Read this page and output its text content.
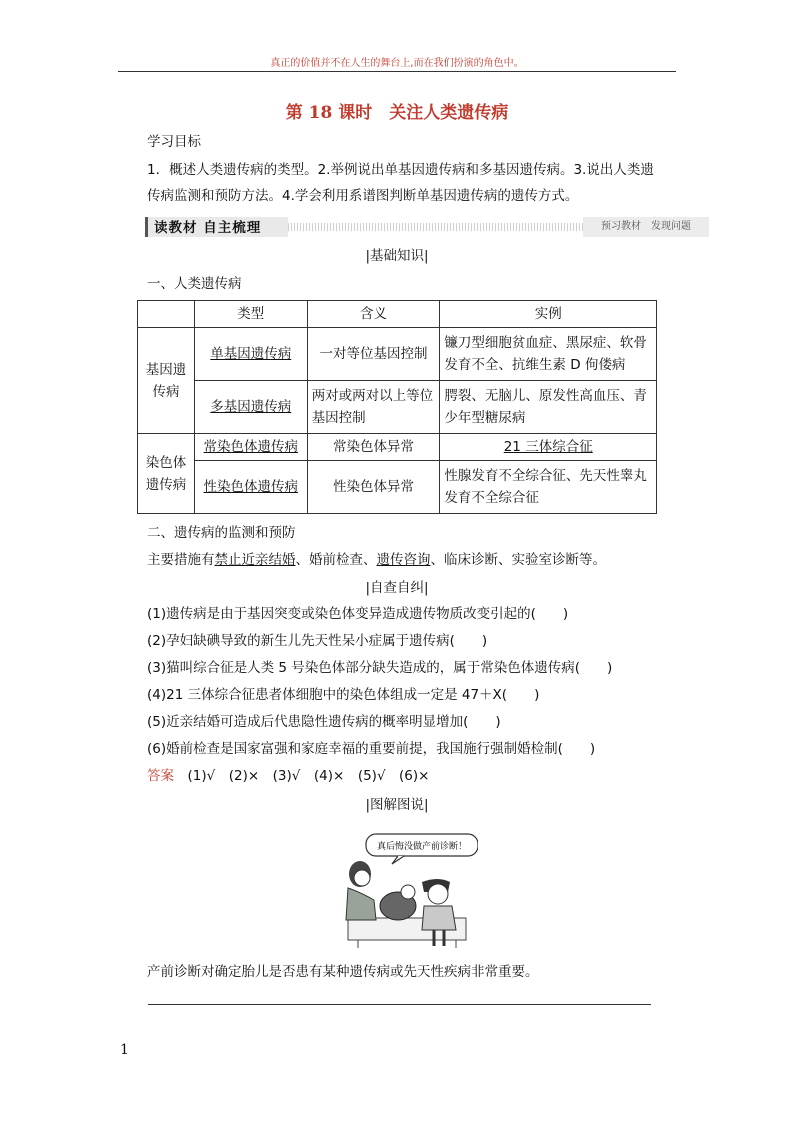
真正的价值并不在人生的舞台上,而在我们扮演的角色中。
第 18 课时　关注人类遗传病
学习目标
1．概述人类遗传病的类型。2.举例说出单基因遗传病和多基因遗传病。3.说出人类遗
传病监测和预防方法。4.学会利用系谱图判断单基因遗传病的遗传方式。
读教材 自主梳理	预习教材　发现问题
|基础知识|
一、人类遗传病
	类型	含义	实例
基因遗传病	单基因遗传病	一对等位基因控制	镰刀型细胞贫血症、黑尿症、软骨发育不全、抗维生素 D 佝偻病
	多基因遗传病	两对或两对以上等位基因控制	腭裂、无脑儿、原发性高血压、青少年型糖尿病
染色体遗传病	常染色体遗传病	常染色体异常	21 三体综合征
	性染色体遗传病	性染色体异常	性腺发育不全综合征、先天性睾丸发育不全综合征
二、遗传病的监测和预防
主要措施有禁止近亲结婚、婚前检查、遗传咨询、临床诊断、实验室诊断等。
|自查自纠|
(1)遗传病是由于基因突变或染色体变异造成遗传物质改变引起的(　　)
(2)孕妇缺碘导致的新生儿先天性呆小症属于遗传病(　　)
(3)猫叫综合征是人类 5 号染色体部分缺失造成的，属于常染色体遗传病(　　)
(4)21 三体综合征患者体细胞中的染色体组成一定是 47＋X(　　)
(5)近亲结婚可造成后代患隐性遗传病的概率明显增加(　　)
(6)婚前检查是国家富强和家庭幸福的重要前提，我国施行强制婚检制(　　)
答案　 (1)√　(2)×　(3)√　(4)×　(5)√　(6)×
|图解图说|
真后悔没做产前诊断！
产前诊断对确定胎儿是否患有某种遗传病或先天性疾病非常重要。
1
